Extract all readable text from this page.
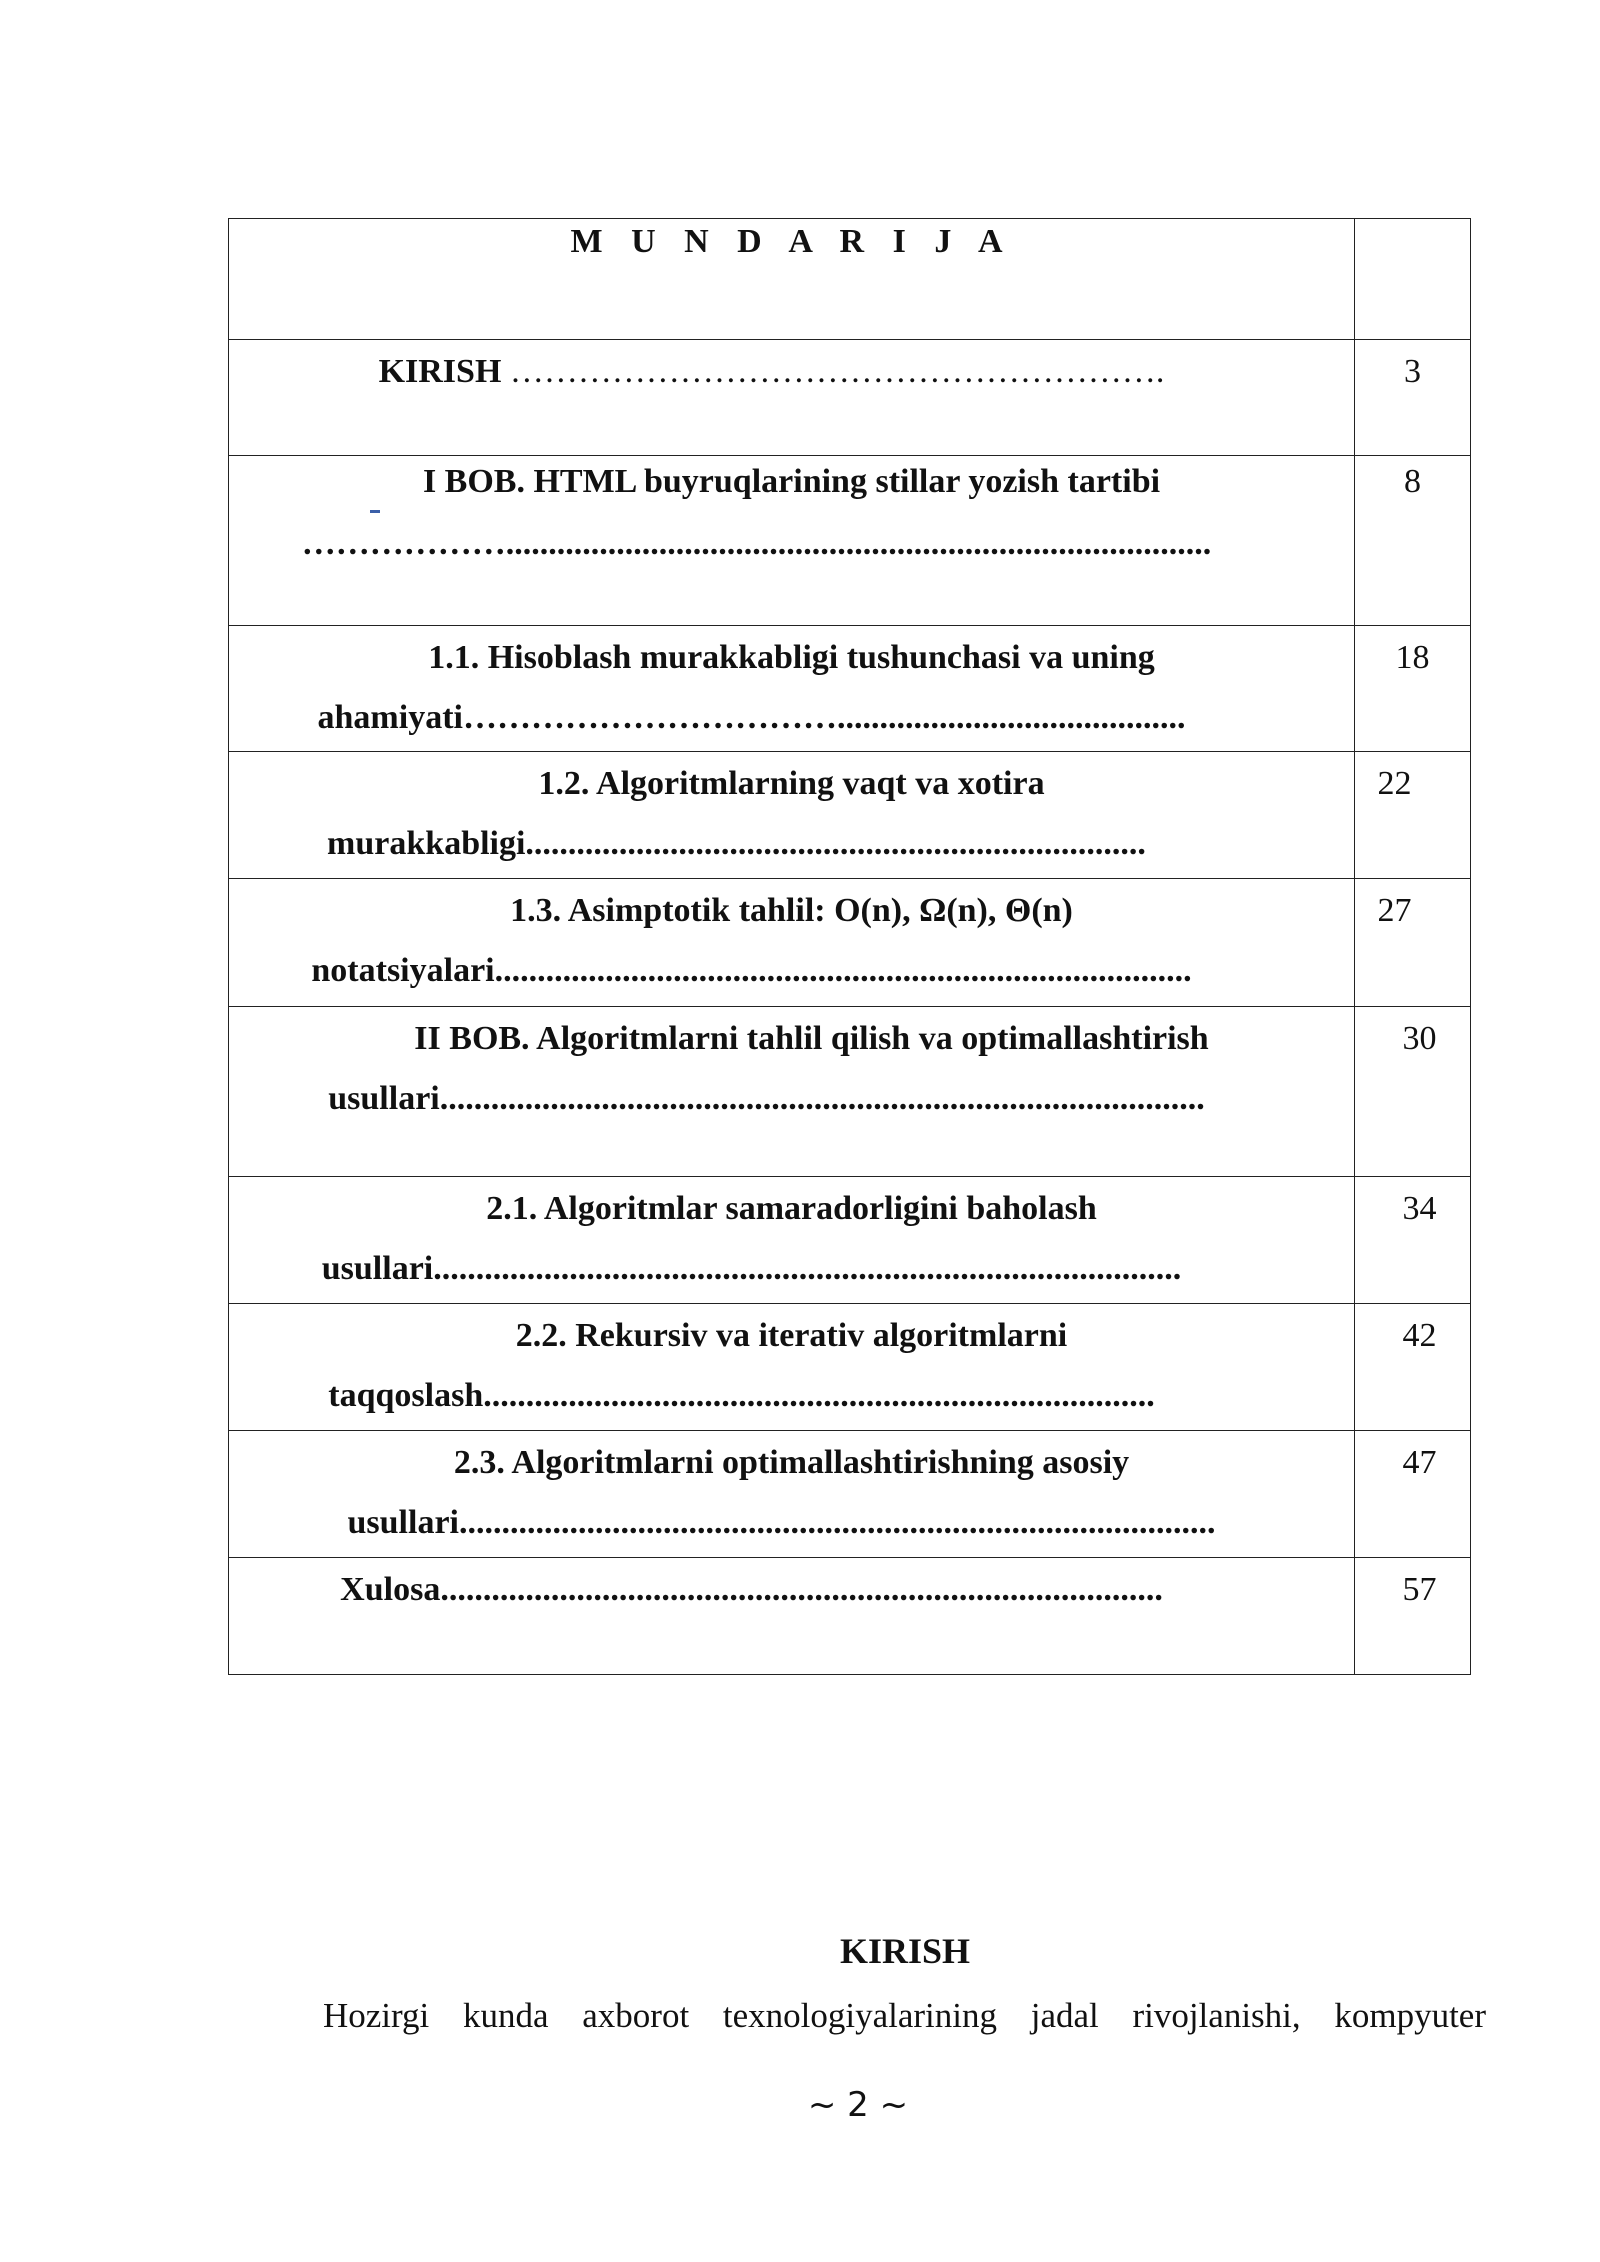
M U N D A R I J A	

KIRISH ………………………………………………….	3

I BOB. HTML buyruqlarining stillar yozish tartibi
………………...................................................................................	8

1.1. Hisoblash murakkabligi tushunchasi va uning
ahamiyati…………………………….........................................	18

1.2. Algoritmlarning vaqt va xotira
murakkabligi.........................................................................	22

1.3. Asimptotik tahlil: O(n), Ω(n), Θ(n)
notatsiyalari..................................................................................	27

II BOB. Algoritmlarni tahlil qilish va optimallashtirish
usullari..........................................................................................	30

2.1. Algoritmlar samaradorligini baholash
usullari........................................................................................	34

2.2. Rekursiv va iterativ algoritmlarni
taqqoslash...............................................................................	42

2.3. Algoritmlarni optimallashtirishning asosiy
usullari.........................................................................................	47

Xulosa.....................................................................................	57
KIRISH
Hozirgi kunda axborot texnologiyalarining jadal rivojlanishi, kompyuter
~ 2 ~
